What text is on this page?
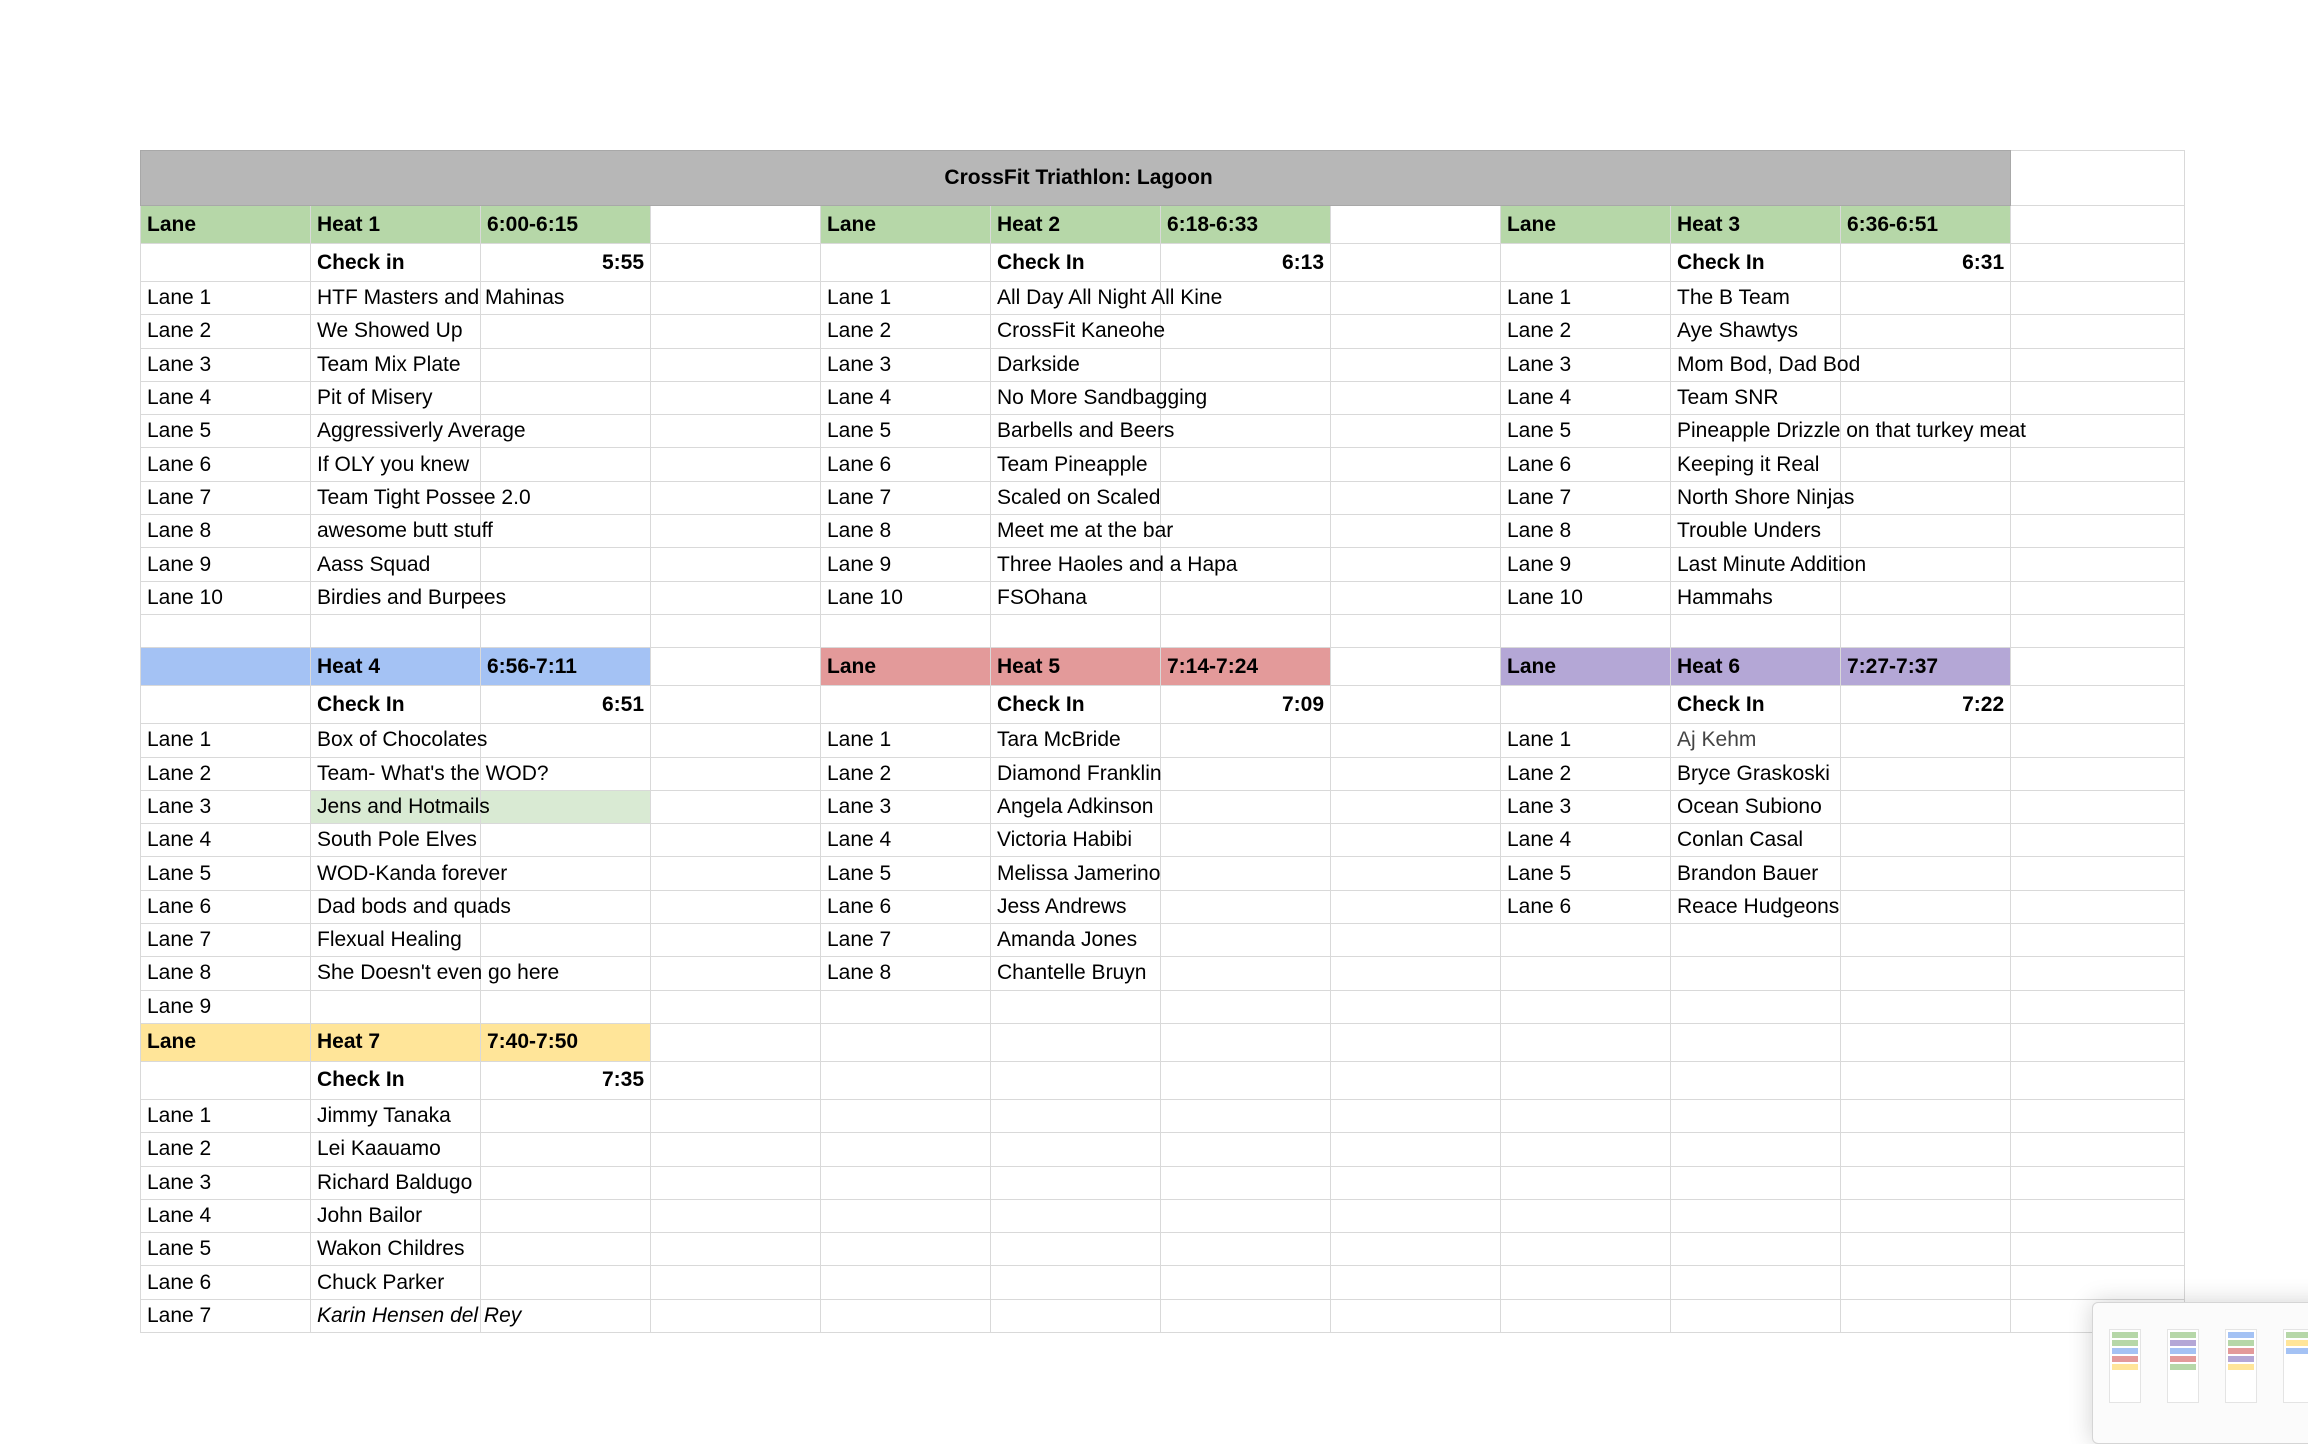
CrossFit Triathlon: Lagoon											
Lane	Heat 1	6:00-6:15		Lane	Heat 2	6:18-6:33		Lane	Heat 3	6:36-6:51	
	Check in	5:55			Check In	6:13			Check In	6:31	
Lane 1	HTF Masters and Mahinas			Lane 1	All Day All Night All Kine			Lane 1	The B Team		
Lane 2	We Showed Up			Lane 2	CrossFit Kaneohe			Lane 2	Aye Shawtys		
Lane 3	Team Mix Plate			Lane 3	Darkside			Lane 3	Mom Bod, Dad Bod		
Lane 4	Pit of Misery			Lane 4	No More Sandbagging			Lane 4	Team SNR		
Lane 5	Aggressiverly Average			Lane 5	Barbells and Beers			Lane 5	Pineapple Drizzle on that turkey meat		
Lane 6	If OLY you knew			Lane 6	Team Pineapple			Lane 6	Keeping it Real		
Lane 7	Team Tight Possee 2.0			Lane 7	Scaled on Scaled			Lane 7	North Shore Ninjas		
Lane 8	awesome butt stuff			Lane 8	Meet me at the bar			Lane 8	Trouble Unders		
Lane 9	Aass Squad			Lane 9	Three Haoles and a Hapa			Lane 9	Last Minute Addition		
Lane 10	Birdies and Burpees			Lane 10	FSOhana			Lane 10	Hammahs		

	Heat 4	6:56-7:11		Lane	Heat 5	7:14-7:24		Lane	Heat 6	7:27-7:37	
	Check In	6:51			Check In	7:09			Check In	7:22	
Lane 1	Box of Chocolates			Lane 1	Tara McBride			Lane 1	Aj Kehm		
Lane 2	Team- What's the WOD?			Lane 2	Diamond Franklin			Lane 2	Bryce Graskoski		
Lane 3	Jens and Hotmails			Lane 3	Angela Adkinson			Lane 3	Ocean Subiono		
Lane 4	South Pole Elves			Lane 4	Victoria Habibi			Lane 4	Conlan Casal		
Lane 5	WOD-Kanda forever			Lane 5	Melissa Jamerino			Lane 5	Brandon Bauer		
Lane 6	Dad bods and quads			Lane 6	Jess Andrews			Lane 6	Reace Hudgeons		
Lane 7	Flexual Healing			Lane 7	Amanda Jones						
Lane 8	She Doesn't even go here			Lane 8	Chantelle Bruyn						
Lane 9											
Lane	Heat 7	7:40-7:50									
	Check In	7:35									
Lane 1	Jimmy Tanaka										
Lane 2	Lei Kaauamo										
Lane 3	Richard Baldugo										
Lane 4	John Bailor										
Lane 5	Wakon Childres										
Lane 6	Chuck Parker										
Lane 7	Karin Hensen del Rey										
